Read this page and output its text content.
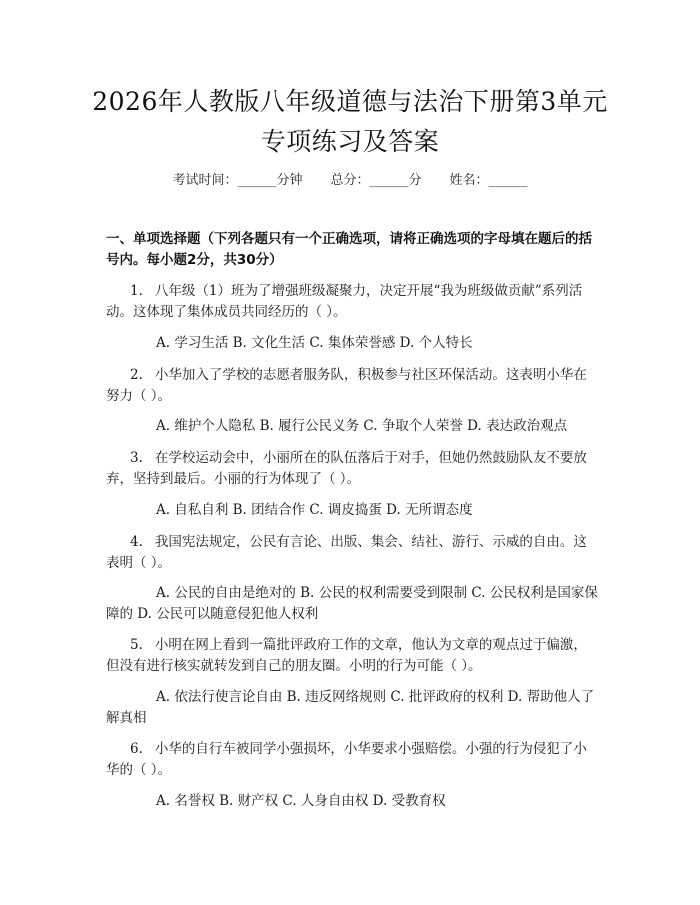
2026年人教版八年级道德与法治下册第3单元专项练习及答案
考试时间：______分钟 总分：______分 姓名：______
一、单项选择题（下列各题只有一个正确选项，请将正确选项的字母填在题后的括号内。每小题2分，共30分）
1. 八年级（1）班为了增强班级凝聚力，决定开展“我为班级做贡献”系列活动。这体现了集体成员共同经历的（ ）。
A. 学习生活 B. 文化生活 C. 集体荣誉感 D. 个人特长
2. 小华加入了学校的志愿者服务队，积极参与社区环保活动。这表明小华在努力（ ）。
A. 维护个人隐私 B. 履行公民义务 C. 争取个人荣誉 D. 表达政治观点
3. 在学校运动会中，小丽所在的队伍落后于对手，但她仍然鼓励队友不要放弃，坚持到最后。小丽的行为体现了（ ）。
A. 自私自利 B. 团结合作 C. 调皮捣蛋 D. 无所谓态度
4. 我国宪法规定，公民有言论、出版、集会、结社、游行、示威的自由。这表明（ ）。
A. 公民的自由是绝对的 B. 公民的权利需要受到限制 C. 公民权利是国家保障的 D. 公民可以随意侵犯他人权利
5. 小明在网上看到一篇批评政府工作的文章，他认为文章的观点过于偏激，但没有进行核实就转发到自己的朋友圈。小明的行为可能（ ）。
A. 依法行使言论自由 B. 违反网络规则 C. 批评政府的权利 D. 帮助他人了解真相
6. 小华的自行车被同学小强损坏，小华要求小强赔偿。小强的行为侵犯了小华的（ ）。
A. 名誉权 B. 财产权 C. 人身自由权 D. 受教育权
